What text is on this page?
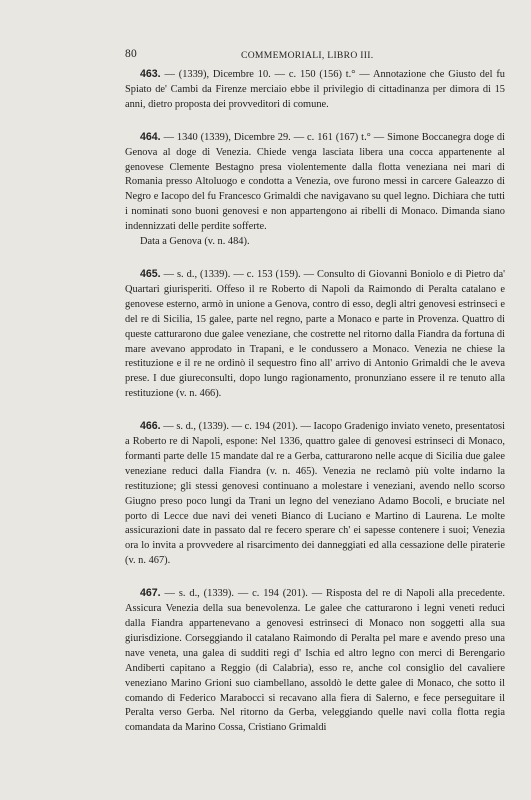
80	COMMEMORIALI, LIBRO III.

463. — (1339), Dicembre 10. — c. 150 (156) t.° — Annotazione che Giusto del fu Spiato de' Cambi da Firenze merciaio ebbe il privilegio di cittadinanza per dimora di 15 anni, dietro proposta dei provveditori di comune.

464. — 1340 (1339), Dicembre 29. — c. 161 (167) t.° — Simone Boccanegra doge di Genova al doge di Venezia. Chiede venga lasciata libera una cocca appartenente al genovese Clemente Bestagno presa violentemente dalla flotta veneziana nei mari di Romania presso Altoluogo e condotta a Venezia, ove furono messi in carcere Galeazzo di Negro e Iacopo del fu Francesco Grimaldi che navigavano su quel legno. Dichiara che tutti i nominati sono buoni genovesi e non appartengono ai ribelli di Monaco. Dimanda siano indennizzati delle perdite sofferte.

Data a Genova (v. n. 484).

465. — s. d., (1339). — c. 153 (159). — Consulto di Giovanni Boniolo e di Pietro da' Quartari giurisperiti. Offeso il re Roberto di Napoli da Raimondo di Peralta catalano e genovese esterno, armò in unione a Genova, contro di esso, degli altri genovesi estrinseci e del re di Sicilia, 15 galee, parte nel regno, parte a Monaco e parte in Provenza. Quattro di queste catturarono due galee veneziane, che costrette nel ritorno dalla Fiandra da fortuna di mare avevano approdato in Trapani, e le condussero a Monaco. Venezia ne chiese la restituzione e il re ne ordinò il sequestro fino all' arrivo di Antonio Grimaldi che le aveva prese. I due giureconsulti, dopo lungo ragionamento, pronunziano essere il re tenuto alla restituzione (v. n. 466).

466. — s. d., (1339). — c. 194 (201). — Iacopo Gradenigo inviato veneto, presentatosi a Roberto re di Napoli, espone: Nel 1336, quattro galee di genovesi estrinseci di Monaco, formanti parte delle 15 mandate dal re a Gerba, catturarono nelle acque di Sicilia due galee veneziane reduci dalla Fiandra (v. n. 465). Venezia ne reclamò più volte indarno la restituzione; gli stessi genovesi continuano a molestare i veneziani, avendo nello scorso Giugno preso poco lungi da Trani un legno del veneziano Adamo Bocoli, e bruciate nel porto di Lecce due navi dei veneti Bianco di Luciano e Martino di Laurena. Le molte assicurazioni date in passato dal re fecero sperare ch' ei sapesse contenere i suoi; Venezia ora lo invita a provvedere al risarcimento dei danneggiati ed alla cessazione delle piraterie (v. n. 467).

467. — s. d., (1339). — c. 194 (201). — Risposta del re di Napoli alla precedente. Assicura Venezia della sua benevolenza. Le galee che catturarono i legni veneti reduci dalla Fiandra appartenevano a genovesi estrinseci di Monaco non soggetti alla sua giurisdizione. Corseggiando il catalano Raimondo di Peralta pel mare e avendo preso una nave veneta, una galea di sudditi regi d' Ischia ed altro legno con merci di Berengario Andiberti capitano a Reggio (di Calabria), esso re, anche col consiglio del cavaliere veneziano Marino Grioni suo ciambellano, assoldò le dette galee di Monaco, che sotto il comando di Federico Marabocci si recavano alla fiera di Salerno, e fece perseguitare il Peralta verso Gerba. Nel ritorno da Gerba, veleggiando quelle navi colla flotta regia comandata da Marino Cossa, Cristiano Grimaldi
